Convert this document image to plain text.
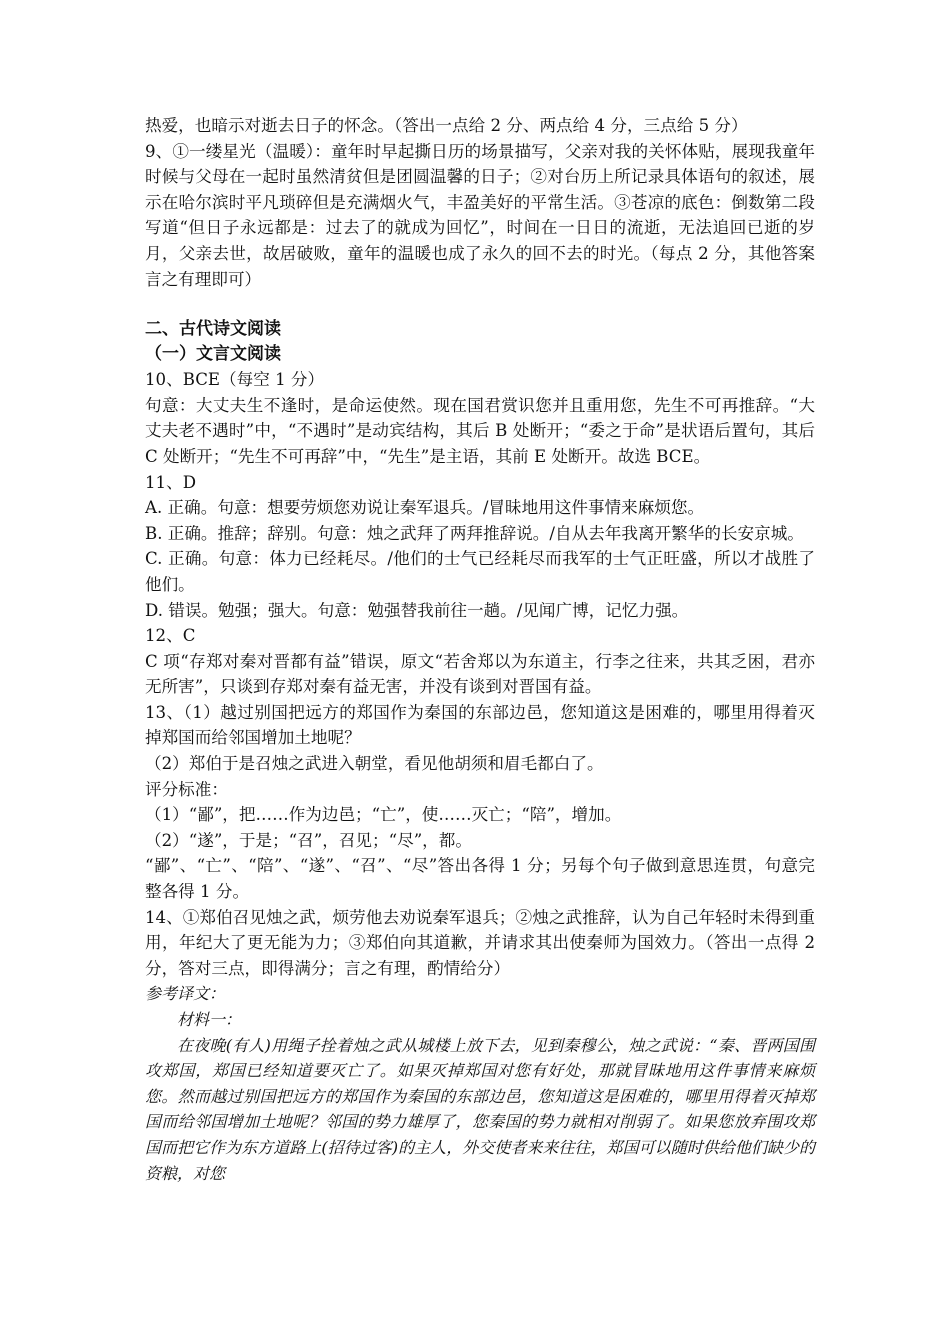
热爱，也暗示对逝去日子的怀念。（答出一点给 2 分、两点给 4 分，三点给 5 分）

9、①一缕星光（温暖）：童年时早起撕日历的场景描写，父亲对我的关怀体贴，展现我童年时候与父母在一起时虽然清贫但是团圆温馨的日子；②对台历上所记录具体语句的叙述，展示在哈尔滨时平凡琐碎但是充满烟火气，丰盈美好的平常生活。③苍凉的底色：倒数第二段写道“但日子永远都是：过去了的就成为回忆”，时间在一日日的流逝，无法追回已逝的岁月，父亲去世，故居破败，童年的温暖也成了永久的回不去的时光。（每点 2 分，其他答案言之有理即可）

二、古代诗文阅读

（一）文言文阅读

10、BCE（每空 1 分）

句意：大丈夫生不逢时，是命运使然。现在国君赏识您并且重用您，先生不可再推辞。“大丈夫老不遇时”中，“不遇时”是动宾结构，其后 B 处断开；“委之于命”是状语后置句，其后 C 处断开；“先生不可再辞”中，“先生”是主语，其前 E 处断开。故选 BCE。

11、D

A. 正确。句意：想要劳烦您劝说让秦军退兵。/冒昧地用这件事情来麻烦您。

B. 正确。推辞；辞别。句意：烛之武拜了两拜推辞说。/自从去年我离开繁华的长安京城。

C. 正确。句意：体力已经耗尽。/他们的士气已经耗尽而我军的士气正旺盛，所以才战胜了他们。

D. 错误。勉强；强大。句意：勉强替我前往一趟。/见闻广博，记忆力强。

12、C

C 项“存郑对秦对晋都有益”错误，原文“若舍郑以为东道主，行李之往来，共其乏困，君亦无所害”，只谈到存郑对秦有益无害，并没有谈到对晋国有益。

13、（1）越过别国把远方的郑国作为秦国的东部边邑，您知道这是困难的，哪里用得着灭掉郑国而给邻国增加土地呢？

（2）郑伯于是召烛之武进入朝堂，看见他胡须和眉毛都白了。

评分标准：

（1）“鄙”，把……作为边邑；“亡”，使……灭亡；“陪”，增加。

（2）“遂”，于是；“召”，召见；“尽”，都。

“鄙”、“亡”、“陪”、“遂”、“召”、“尽”答出各得 1 分；另每个句子做到意思连贯，句意完整各得 1 分。

14、①郑伯召见烛之武，烦劳他去劝说秦军退兵；②烛之武推辞，认为自己年轻时未得到重用，年纪大了更无能为力；③郑伯向其道歉，并请求其出使秦师为国效力。（答出一点得 2 分，答对三点，即得满分；言之有理，酌情给分）

参考译文：

材料一：

在夜晚(有人)用绳子拴着烛之武从城楼上放下去，见到秦穆公，烛之武说：“秦、晋两国围攻郑国，郑国已经知道要灭亡了。如果灭掉郑国对您有好处，那就冒昧地用这件事情来麻烦您。然而越过别国把远方的郑国作为秦国的东部边邑，您知道这是困难的，哪里用得着灭掉郑国而给邻国增加土地呢？邻国的势力雄厚了，您秦国的势力就相对削弱了。如果您放弃围攻郑国而把它作为东方道路上(招待过客)的主人，外交使者来来往往，郑国可以随时供给他们缺少的资粮，对您
